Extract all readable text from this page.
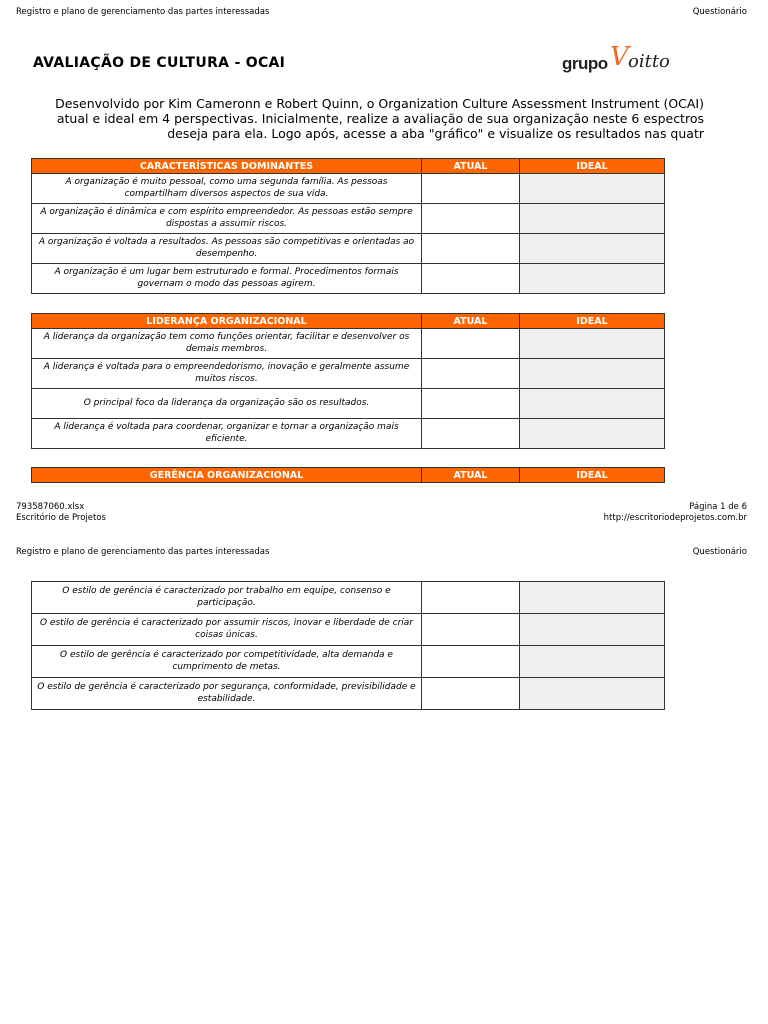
Registro e plano de gerenciamento das partes interessadas	Questionário
AVALIAÇÃO DE CULTURA - OCAI	grupo V oitto
Desenvolvido por Kim Cameronn e Robert Quinn, o Organization Culture Assessment Instrument (OCAI)
atual e ideal em 4 perspectivas. Inicialmente, realize a avaliação de sua organização neste 6 espectros
deseja para ela. Logo após, acesse a aba "gráfico" e visualize os resultados nas quatr
CARACTERÍSTICAS DOMINANTES	ATUAL	IDEAL
A organização é muito pessoal, como uma segunda família. As pessoas compartilham diversos aspectos de sua vida.		
A organização é dinâmica e com espírito empreendedor. As pessoas estão sempre dispostas a assumir riscos.		
A organização é voltada a resultados. As pessoas são competitivas e orientadas ao desempenho.		
A organização é um lugar bem estruturado e formal. Procedimentos formais governam o modo das pessoas agirem.		
LIDERANÇA ORGANIZACIONAL	ATUAL	IDEAL
A liderança da organização tem como funções orientar, facilitar e desenvolver os demais membros.		
A liderança é voltada para o empreendedorismo, inovação e geralmente assume muitos riscos.		
O principal foco da liderança da organização são os resultados.		
A liderança é voltada para coordenar, organizar e tornar a organização mais eficiente.		
GERÊNCIA ORGANIZACIONAL	ATUAL	IDEAL
793587060.xlsx
Escritório de Projetos
Página 1 de 6
http://escritoriodeprojetos.com.br
Registro e plano de gerenciamento das partes interessadas	Questionário
O estilo de gerência é caracterizado por trabalho em equipe, consenso e participação.		
O estilo de gerência é caracterizado por assumir riscos, inovar e liberdade de criar coisas únicas.		
O estilo de gerência é caracterizado por competitividade, alta demanda e cumprimento de metas.		
O estilo de gerência é caracterizado por segurança, conformidade, previsibilidade e estabilidade.		
